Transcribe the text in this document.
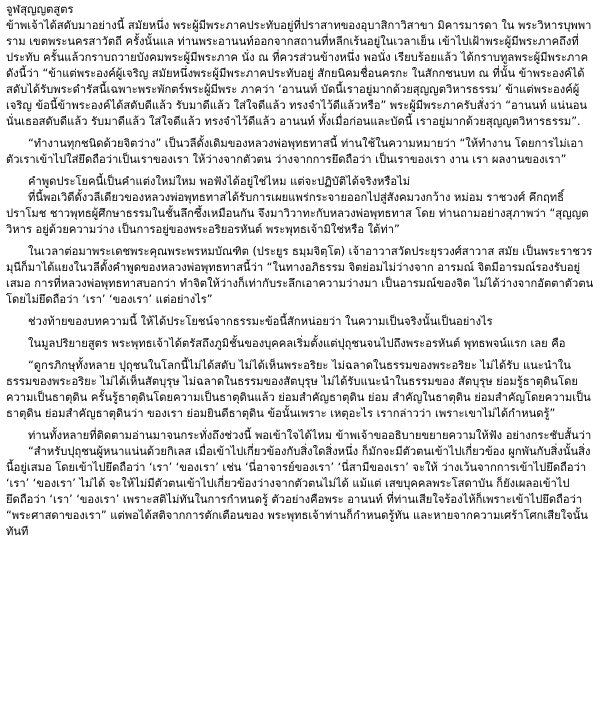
จูฬสุญญตสูตร

ข้าพเจ้าได้สดับมาอย่างนี้ สมัยหนึ่ง พระผู้มีพระภาคประทับอยู่ที่ปราสาทของอุบาสิกาวิสาขา มิคารมารดา ใน พระวิหารบุพพาราม เขตพระนครสาวัตถี ครั้งนั้นแล ท่านพระอานนท์ออกจากสถานที่หลีกเร้นอยู่ในเวลาเย็น เข้าไปเฝ้าพระผู้มีพระภาคถึงที่ประทับ ครั้นแล้วกราบถวายบังคมพระผู้มีพระภาค นั่ง ณ ที่ควรส่วนข้างหนึ่ง พอนั่ง เรียบร้อยแล้ว ได้กราบทูลพระผู้มีพระภาคดังนี้ว่า “ข้าแต่พระองค์ผู้เจริญ สมัยหนึ่งพระผู้มีพระภาคประทับอยู่ สักยนิคมชื่อนครกะ ในสักกชนบท ณ ที่นั้น ข้าพระองค์ได้สดับได้รับพระดำรัสนี้เฉพาะพระพักตร์พระผู้มีพระ ภาคว่า ‘อานนท์ บัดนี้เราอยู่มากด้วยสุญญตวิหารธรรม’ ข้าแต่พระองค์ผู้เจริญ ข้อนี้ข้าพระองค์ได้สดับดีแล้ว รับมาดีแล้ว ใส่ใจดีแล้ว ทรงจำไว้ดีแล้วหรือ” พระผู้มีพระภาครับสั่งว่า “อานนท์ แน่นอน นั่นเธอสดับดีแล้ว รับมาดีแล้ว ใส่ใจดีแล้ว ทรงจำไว้ดีแล้ว อานนท์ ทั้งเมื่อก่อนและบัดนี้ เราอยู่มากด้วยสุญญตวิหารธรรม”.

“ทำงานทุกชนิดด้วยจิตว่าง” เป็นวลีดั้งเดิมของหลวงพ่อพุทธทาสนี้ ท่านใช้ในความหมายว่า “ให้ทำงาน โดยการไม่เอาตัวเราเข้าไปใส่ยึดถือว่าเป็นเราของเรา ให้ว่างจากตัวตน ว่างจากการยึดถือว่า เป็นเราของเรา งาน เรา ผลงานของเรา”

คำพูดประโยคนี้เป็นคำแต่งใหม่ใหม พอฟังได้อยู่ใช่ไหม แต่จะปฏิบัติได้จริงหรือไม่

ที่นี้พอเวิดีดั้งวลีเดียวของหลวงพ่อพุทธทาสได้รับการเผยแพร่กระจายออกไปสู่สังคมวงกว้าง หม่อม ราชวงศ์ คึกฤทธิ์ ปราโมช ชาวพุทธผู้ศึกษาธรรมในชั้นลึกซึ้งเหมือนกัน จึงมาวิวาทะกับหลวงพ่อพุทธทาส โดย ท่านถามอย่างสุภาพว่า “สุญญตวิหาร อยู่ด้วยความว่าง เป็นการอยู่ของพระอริยอรหันต์ พระพุทธเจ้ามิใช่หรือ ใต้ท่า”

ในเวลาต่อมาพระเดชพระคุณพระพรหมบัณฑิต (ประยูร ธมฺมจิตฺโต) เจ้าอาวาสวัดประยุรวงศ์สาวาส สมัย เป็นพระราชวรมุนีก็มาได้แยงในวลีดั้งคำพูดของหลวงพ่อพุทธทาสนี้ว่า “ในทางอภิธรรม จิตย่อมไม่ว่างจาก อารมณ์ จิตมีอารมณ์รองรับอยู่เสมอ การที่หลวงพ่อพุทธทาสบอกว่า ทำจิตให้ว่างก็เท่ากับระลึกเอาความว่างมา เป็นอารมณ์ของจิต ไม่ได้ว่างจากอัตตาตัวตนโดยไม่ยึดถือว่า ‘เรา’ ‘ของเรา’ แต่อย่างไร”

ช่วงท้ายของบทความนี้ ให้ได้ประโยชน์จากธรรมะข้อนี้สักหน่อยว่า ในความเป็นจริงนั้นเป็นอย่างไร

ในมูลปริยายสูตร พระพุทธเจ้าได้ตรัสถึงภูมิชั้นของบุคคลเริ่มตั้งแต่ปุถุชนจนไปถึงพระอรหันต์ พุทธพจน์แรก เลย คือ

“ดูกรภิกษุทั้งหลาย ปุถุชนในโลกนี้ไม่ได้สดับ ไม่ได้เห็นพระอริยะ ไม่ฉลาดในธรรมของพระอริยะ ไม่ได้รับ แนะนำในธรรมของพระอริยะ ไม่ได้เห็นสัตบุรุษ ไม่ฉลาดในธรรมของสัตบุรุษ ไม่ได้รับแนะนำในธรรมของ สัตบุรุษ ย่อมรู้ธาตุดินโดยความเป็นธาตุดิน ครั้นรู้ธาตุดินโดยความเป็นธาตุดินแล้ว ย่อมสำคัญธาตุดิน ย่อม สำคัญในธาตุดิน ย่อมสำคัญโดยความเป็นธาตุดิน ย่อมสำคัญธาตุดินว่า ของเรา ย่อมยินดีธาตุดิน ข้อนั้นเพราะ เหตุอะไร เรากล่าวว่า เพราะเขาไม่ได้กำหนดรู้”

ท่านทั้งหลายที่ติดตามอ่านมาจนกระทั่งถึงช่วงนี้ พอเข้าใจได้ไหม ข้าพเจ้าขออธิบายขยายความให้ฟัง อย่างกระชับสั้นว่า

“สำหรับปุถุชนผู้หนาแน่นด้วยกิเลส เมื่อเข้าไปเกี่ยวข้องกับสิ่งใดสิ่งหนึ่ง ก็มักจะมีตัวตนเข้าไปเกี่ยวข้อง ผูกพันกับสิ่งนั้นสิ่งนี้อยู่เสมอ โดยเข้าไปยึดถือว่า ‘เรา’ ‘ของเรา’ เช่น ‘นี่อาจารย์ของเรา’ ‘นี่สามีของเรา’ จะให้ ว่างเว้นจากการเข้าไปยึดถือว่า ‘เรา’ ‘ของเรา’ ไม่ได้ จะให้ไม่มีตัวตนเข้าไปเกี่ยวข้องว่างจากตัวตนไม่ได้ แม้แต่ เสขบุคคลพระโสดาบัน ก็ยังเผลอเข้าไปยึดถือว่า ‘เรา’ ‘ของเรา’ เพราะสติไม่ทันในการกำหนดรู้ ตัวอย่างคือพระ อานนท์ ที่ท่านเสียใจร้องไห้ก็เพราะเข้าไปยึดถือว่า “พระศาสดาของเรา” แต่พอได้สติจากการตักเตือนของ พระพุทธเจ้าท่านก็กำหนดรู้ทัน และหายจากความเศร้าโศกเสียใจนั้นทันที
